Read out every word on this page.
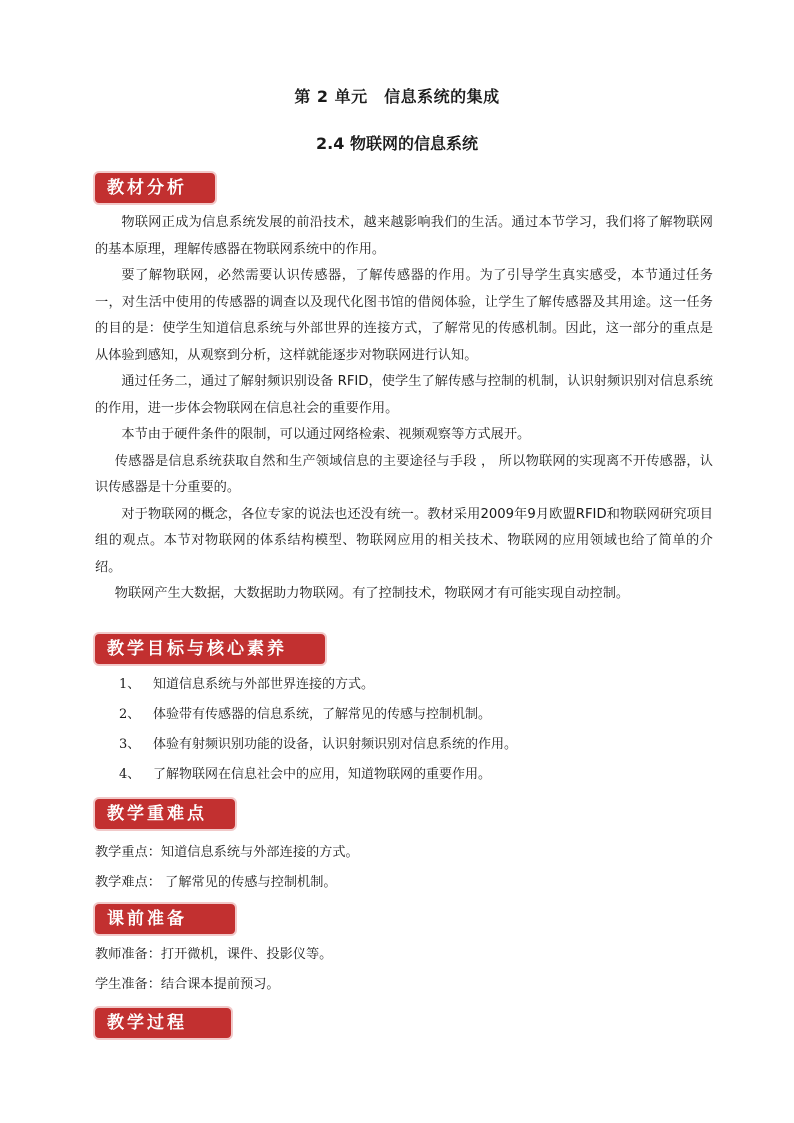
第 2 单元　信息系统的集成
2.4 物联网的信息系统
教材分析

物联网正成为信息系统发展的前沿技术，越来越影响我们的生活。通过本节学习，我们将了解物联网的基本原理，理解传感器在物联网系统中的作用。

要了解物联网，必然需要认识传感器，了解传感器的作用。为了引导学生真实感受，本节通过任务一，对生活中使用的传感器的调查以及现代化图书馆的借阅体验，让学生了解传感器及其用途。这一任务的目的是：使学生知道信息系统与外部世界的连接方式，了解常见的传感机制。因此，这一部分的重点是从体验到感知，从观察到分析，这样就能逐步对物联网进行认知。

通过任务二，通过了解射频识别设备 RFID，使学生了解传感与控制的机制，认识射频识别对信息系统的作用，进一步体会物联网在信息社会的重要作用。

本节由于硬件条件的限制，可以通过网络检索、视频观察等方式展开。

传感器是信息系统获取自然和生产领域信息的主要途径与手段 ， 所以物联网的实现离不开传感器，认识传感器是十分重要的。

对于物联网的概念，各位专家的说法也还没有统一。教材采用2009年9月欧盟RFID和物联网研究项目组的观点。本节对物联网的体系结构模型、物联网应用的相关技术、物联网的应用领域也给了简单的介绍。

物联网产生大数据，大数据助力物联网。有了控制技术，物联网才有可能实现自动控制。

教学目标与核心素养
1、 知道信息系统与外部世界连接的方式。
2、 体验带有传感器的信息系统，了解常见的传感与控制机制。
3、 体验有射频识别功能的设备，认识射频识别对信息系统的作用。
4、 了解物联网在信息社会中的应用，知道物联网的重要作用。
教学重难点
教学重点：知道信息系统与外部连接的方式。
教学难点： 了解常见的传感与控制机制。
课前准备
教师准备：打开微机，课件、投影仪等。
学生准备：结合课本提前预习。
教学过程
